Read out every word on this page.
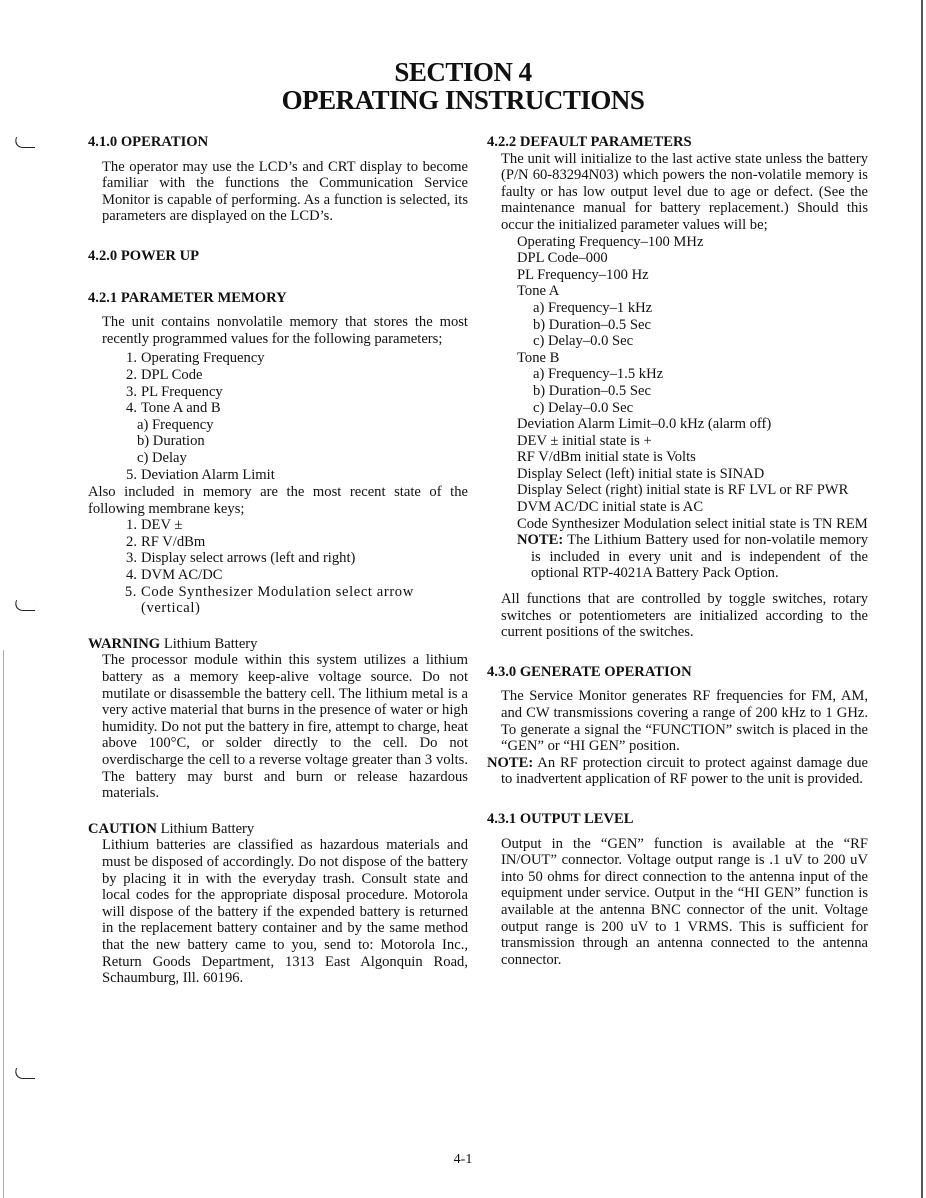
SECTION 4
OPERATING INSTRUCTIONS

4.1.0 OPERATION

The operator may use the LCD’s and CRT display to become familiar with the functions the Communication Service Monitor is capable of performing. As a function is selected, its parameters are displayed on the LCD’s.

4.2.0 POWER UP

4.2.1 PARAMETER MEMORY

The unit contains nonvolatile memory that stores the most recently programmed values for the following parameters;

1. Operating Frequency

2. DPL Code

3. PL Frequency

4. Tone A and B

a) Frequency

b) Duration

c) Delay

5. Deviation Alarm Limit

Also included in memory are the most recent state of the following membrane keys;

1. DEV ±

2. RF V/dBm

3. Display select arrows (left and right)

4. DVM AC/DC

5. Code Synthesizer Modulation select arrow (vertical)

WARNING Lithium Battery

The processor module within this system utilizes a lithium battery as a memory keep-alive voltage source. Do not mutilate or disassemble the battery cell. The lithium metal is a very active material that burns in the presence of water or high humidity. Do not put the battery in fire, attempt to charge, heat above 100°C, or solder directly to the cell. Do not overdischarge the cell to a reverse voltage greater than 3 volts. The battery may burst and burn or release hazardous materials.

CAUTION Lithium Battery

Lithium batteries are classified as hazardous materials and must be disposed of accordingly. Do not dispose of the battery by placing it in with the everyday trash. Consult state and local codes for the appropriate disposal procedure. Motorola will dispose of the battery if the expended battery is returned in the replacement battery container and by the same method that the new battery came to you, send to: Motorola Inc., Return Goods Department, 1313 East Algonquin Road, Schaumburg, Ill. 60196.

4.2.2 DEFAULT PARAMETERS

The unit will initialize to the last active state unless the battery (P/N 60-83294N03) which powers the non-volatile memory is faulty or has low output level due to age or defect. (See the maintenance manual for battery replacement.) Should this occur the initialized parameter values will be;

Operating Frequency–100 MHz

DPL Code–000

PL Frequency–100 Hz

Tone A

a) Frequency–1 kHz

b) Duration–0.5 Sec

c) Delay–0.0 Sec

Tone B

a) Frequency–1.5 kHz

b) Duration–0.5 Sec

c) Delay–0.0 Sec

Deviation Alarm Limit–0.0 kHz (alarm off)

DEV ± initial state is +

RF V/dBm initial state is Volts

Display Select (left) initial state is SINAD

Display Select (right) initial state is RF LVL or RF PWR

DVM AC/DC initial state is AC

Code Synthesizer Modulation select initial state is TN REM

NOTE: The Lithium Battery used for non-volatile memory is included in every unit and is independent of the optional RTP-4021A Battery Pack Option.

All functions that are controlled by toggle switches, rotary switches or potentiometers are initialized according to the current positions of the switches.

4.3.0 GENERATE OPERATION

The Service Monitor generates RF frequencies for FM, AM, and CW transmissions covering a range of 200 kHz to 1 GHz. To generate a signal the “FUNCTION” switch is placed in the “GEN” or “HI GEN” position.

NOTE: An RF protection circuit to protect against damage due to inadvertent application of RF power to the unit is provided.

4.3.1 OUTPUT LEVEL

Output in the “GEN” function is available at the “RF IN/OUT” connector. Voltage output range is .1 uV to 200 uV into 50 ohms for direct connection to the antenna input of the equipment under service. Output in the “HI GEN” function is available at the antenna BNC connector of the unit. Voltage output range is 200 uV to 1 VRMS. This is sufficient for transmission through an antenna connected to the antenna connector.

4-1
